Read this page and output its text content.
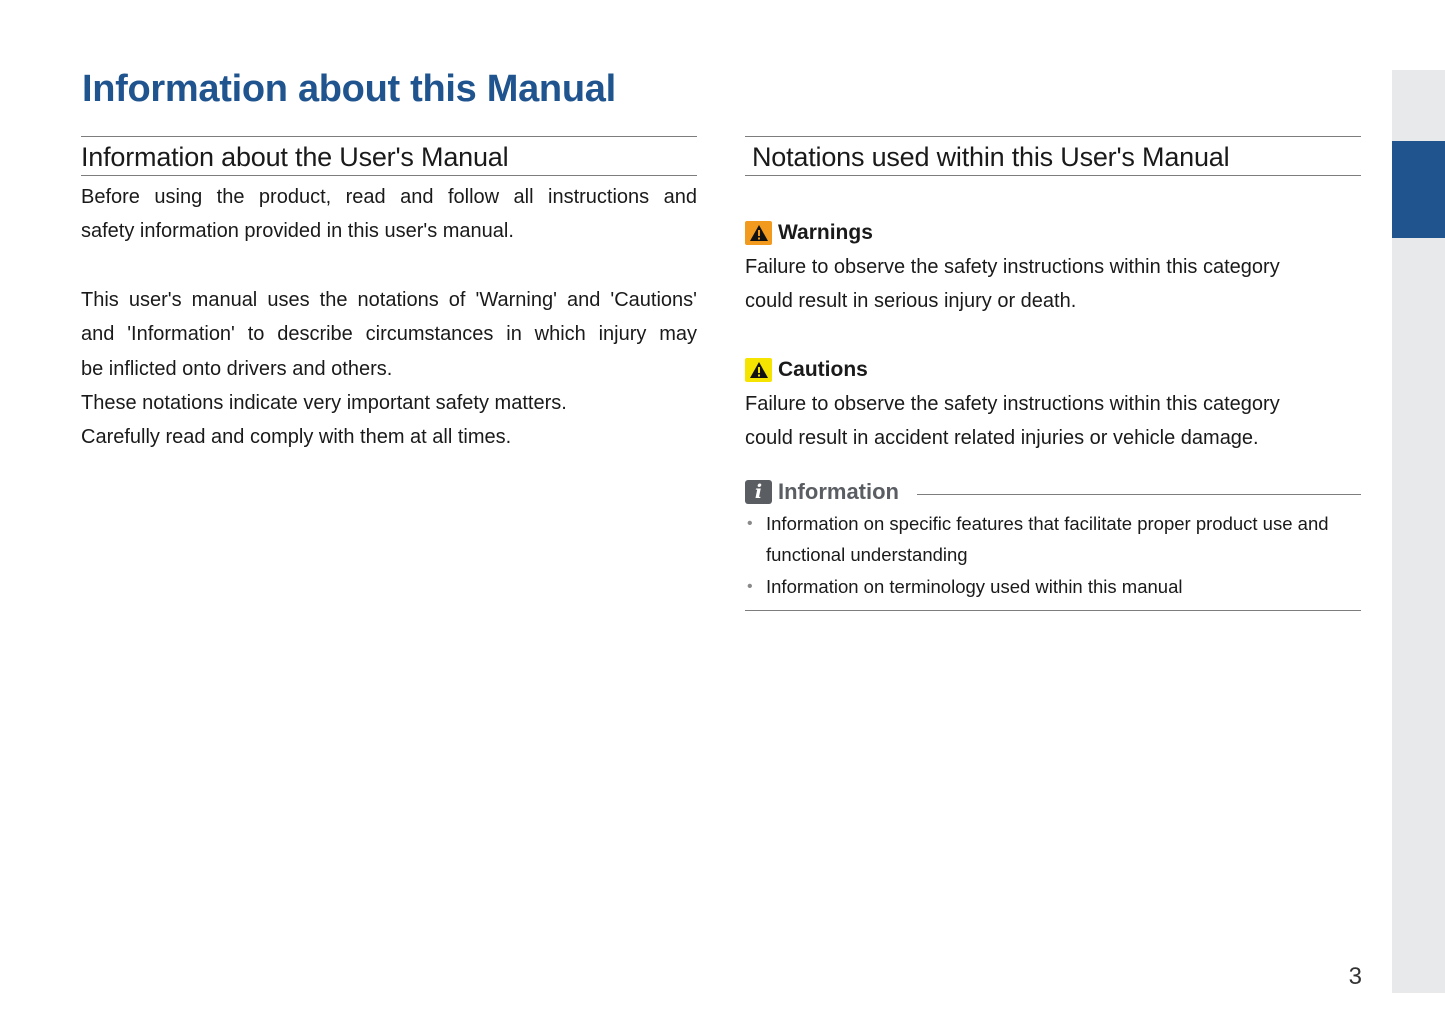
Information about this Manual
Information about the User's Manual

Before using the product, read and follow all instructions and
safety information provided in this user's manual.

This user's manual uses the notations of 'Warning' and 'Cautions'
and 'Information' to describe circumstances in which injury may
be inflicted onto drivers and others.
These notations indicate very important safety matters.
Carefully read and comply with them at all times.

Notations used within this User's Manual
Warnings

Failure to observe the safety instructions within this category
could result in serious injury or death.

Cautions

Failure to observe the safety instructions within this category
could result in accident related injuries or vehicle damage.

i Information
• Information on specific features that facilitate proper product use and functional understanding
• Information on terminology used within this manual
3
